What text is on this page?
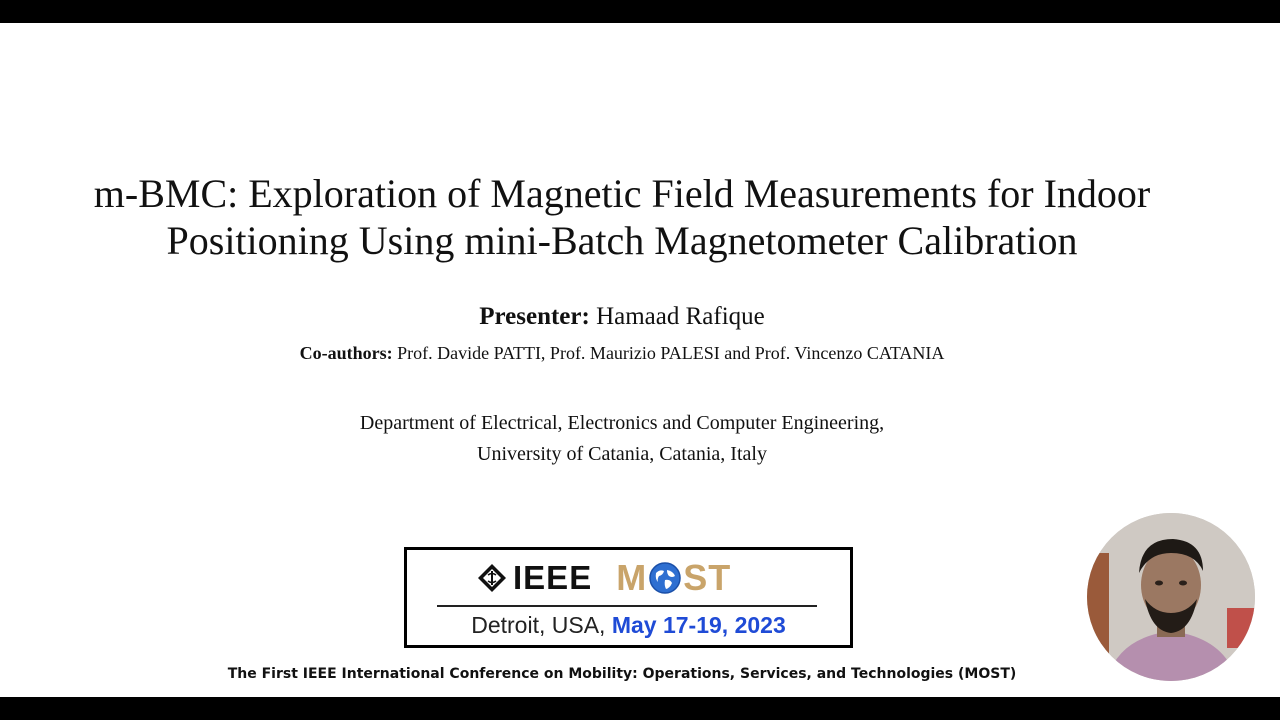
m-BMC: Exploration of Magnetic Field Measurements for Indoor
Positioning Using mini-Batch Magnetometer Calibration
Presenter: Hamaad Rafique
Co-authors: Prof. Davide PATTI, Prof. Maurizio PALESI and Prof. Vincenzo CATANIA
Department of Electrical, Electronics and Computer Engineering,
University of Catania, Catania, Italy
IEEE M ST
Detroit, USA, May 17-19, 2023
The First IEEE International Conference on Mobility: Operations, Services, and Technologies (MOST)
